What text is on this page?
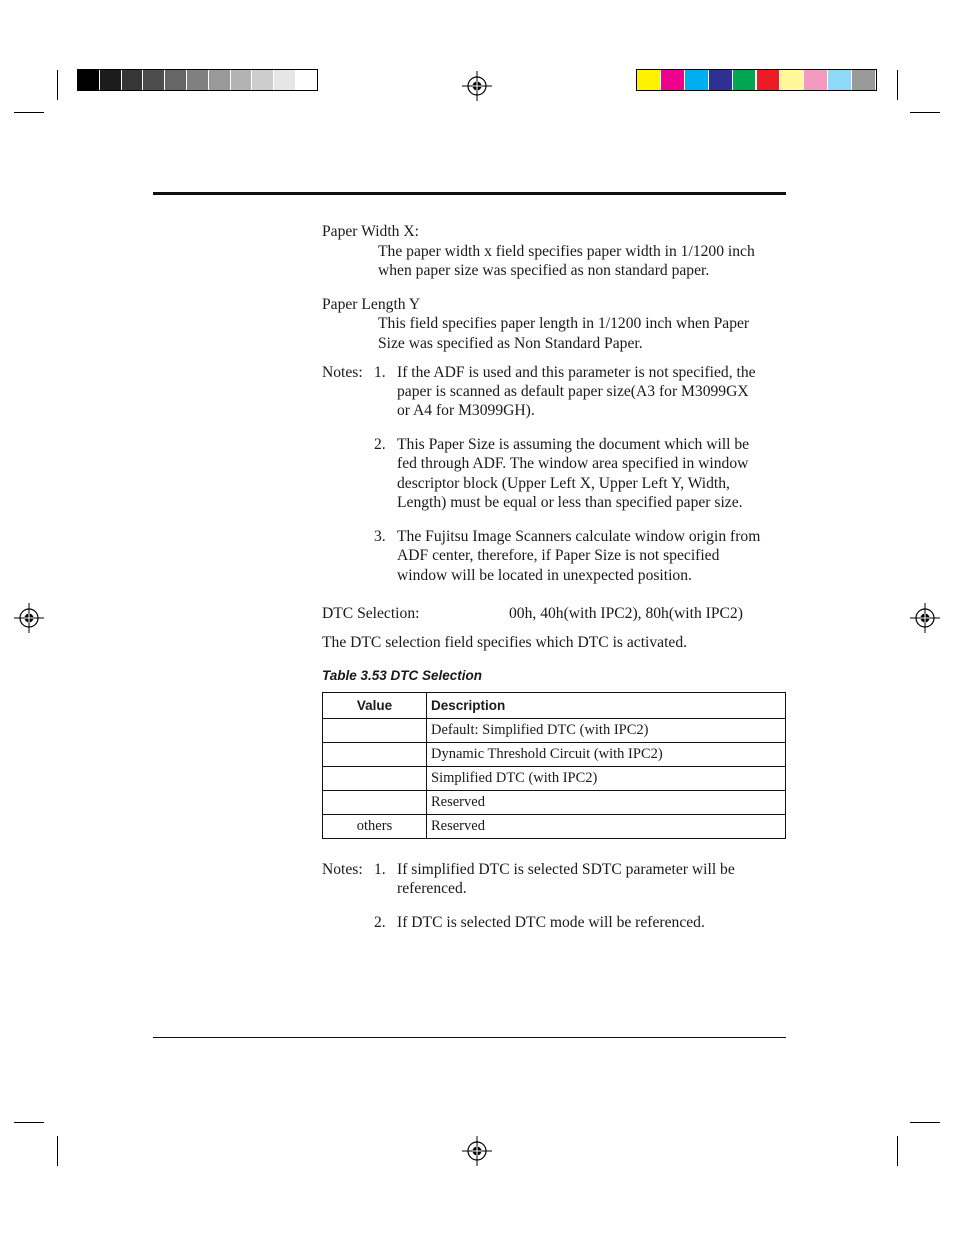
Paper Width X:
The paper width x field specifies paper width in 1/1200 inch
when paper size was specified as non standard paper.
Paper Length Y
This field specifies paper length in 1/1200 inch when Paper
Size was specified as Non Standard Paper.
Notes: 1. If the ADF is used and this parameter is not specified, the
paper is scanned as default paper size(A3 for M3099GX
or A4 for M3099GH).
2. This Paper Size is assuming the document which will be
fed through ADF. The window area specified in window
descriptor block (Upper Left X, Upper Left Y, Width,
Length) must be equal or less than specified paper size.
3. The Fujitsu Image Scanners calculate window origin from
ADF center, therefore, if Paper Size is not specified
window will be located in unexpected position.
DTC Selection:	00h, 40h(with IPC2), 80h(with IPC2)
The DTC selection field specifies which DTC is activated.
Table 3.53 DTC Selection
Value	Description
	Default: Simplified DTC (with IPC2)
	Dynamic Threshold Circuit (with IPC2)
	Simplified DTC (with IPC2)
	Reserved
others	Reserved
Notes: 1. If simplified DTC is selected SDTC parameter will be
referenced.
2. If DTC is selected DTC mode will be referenced.
